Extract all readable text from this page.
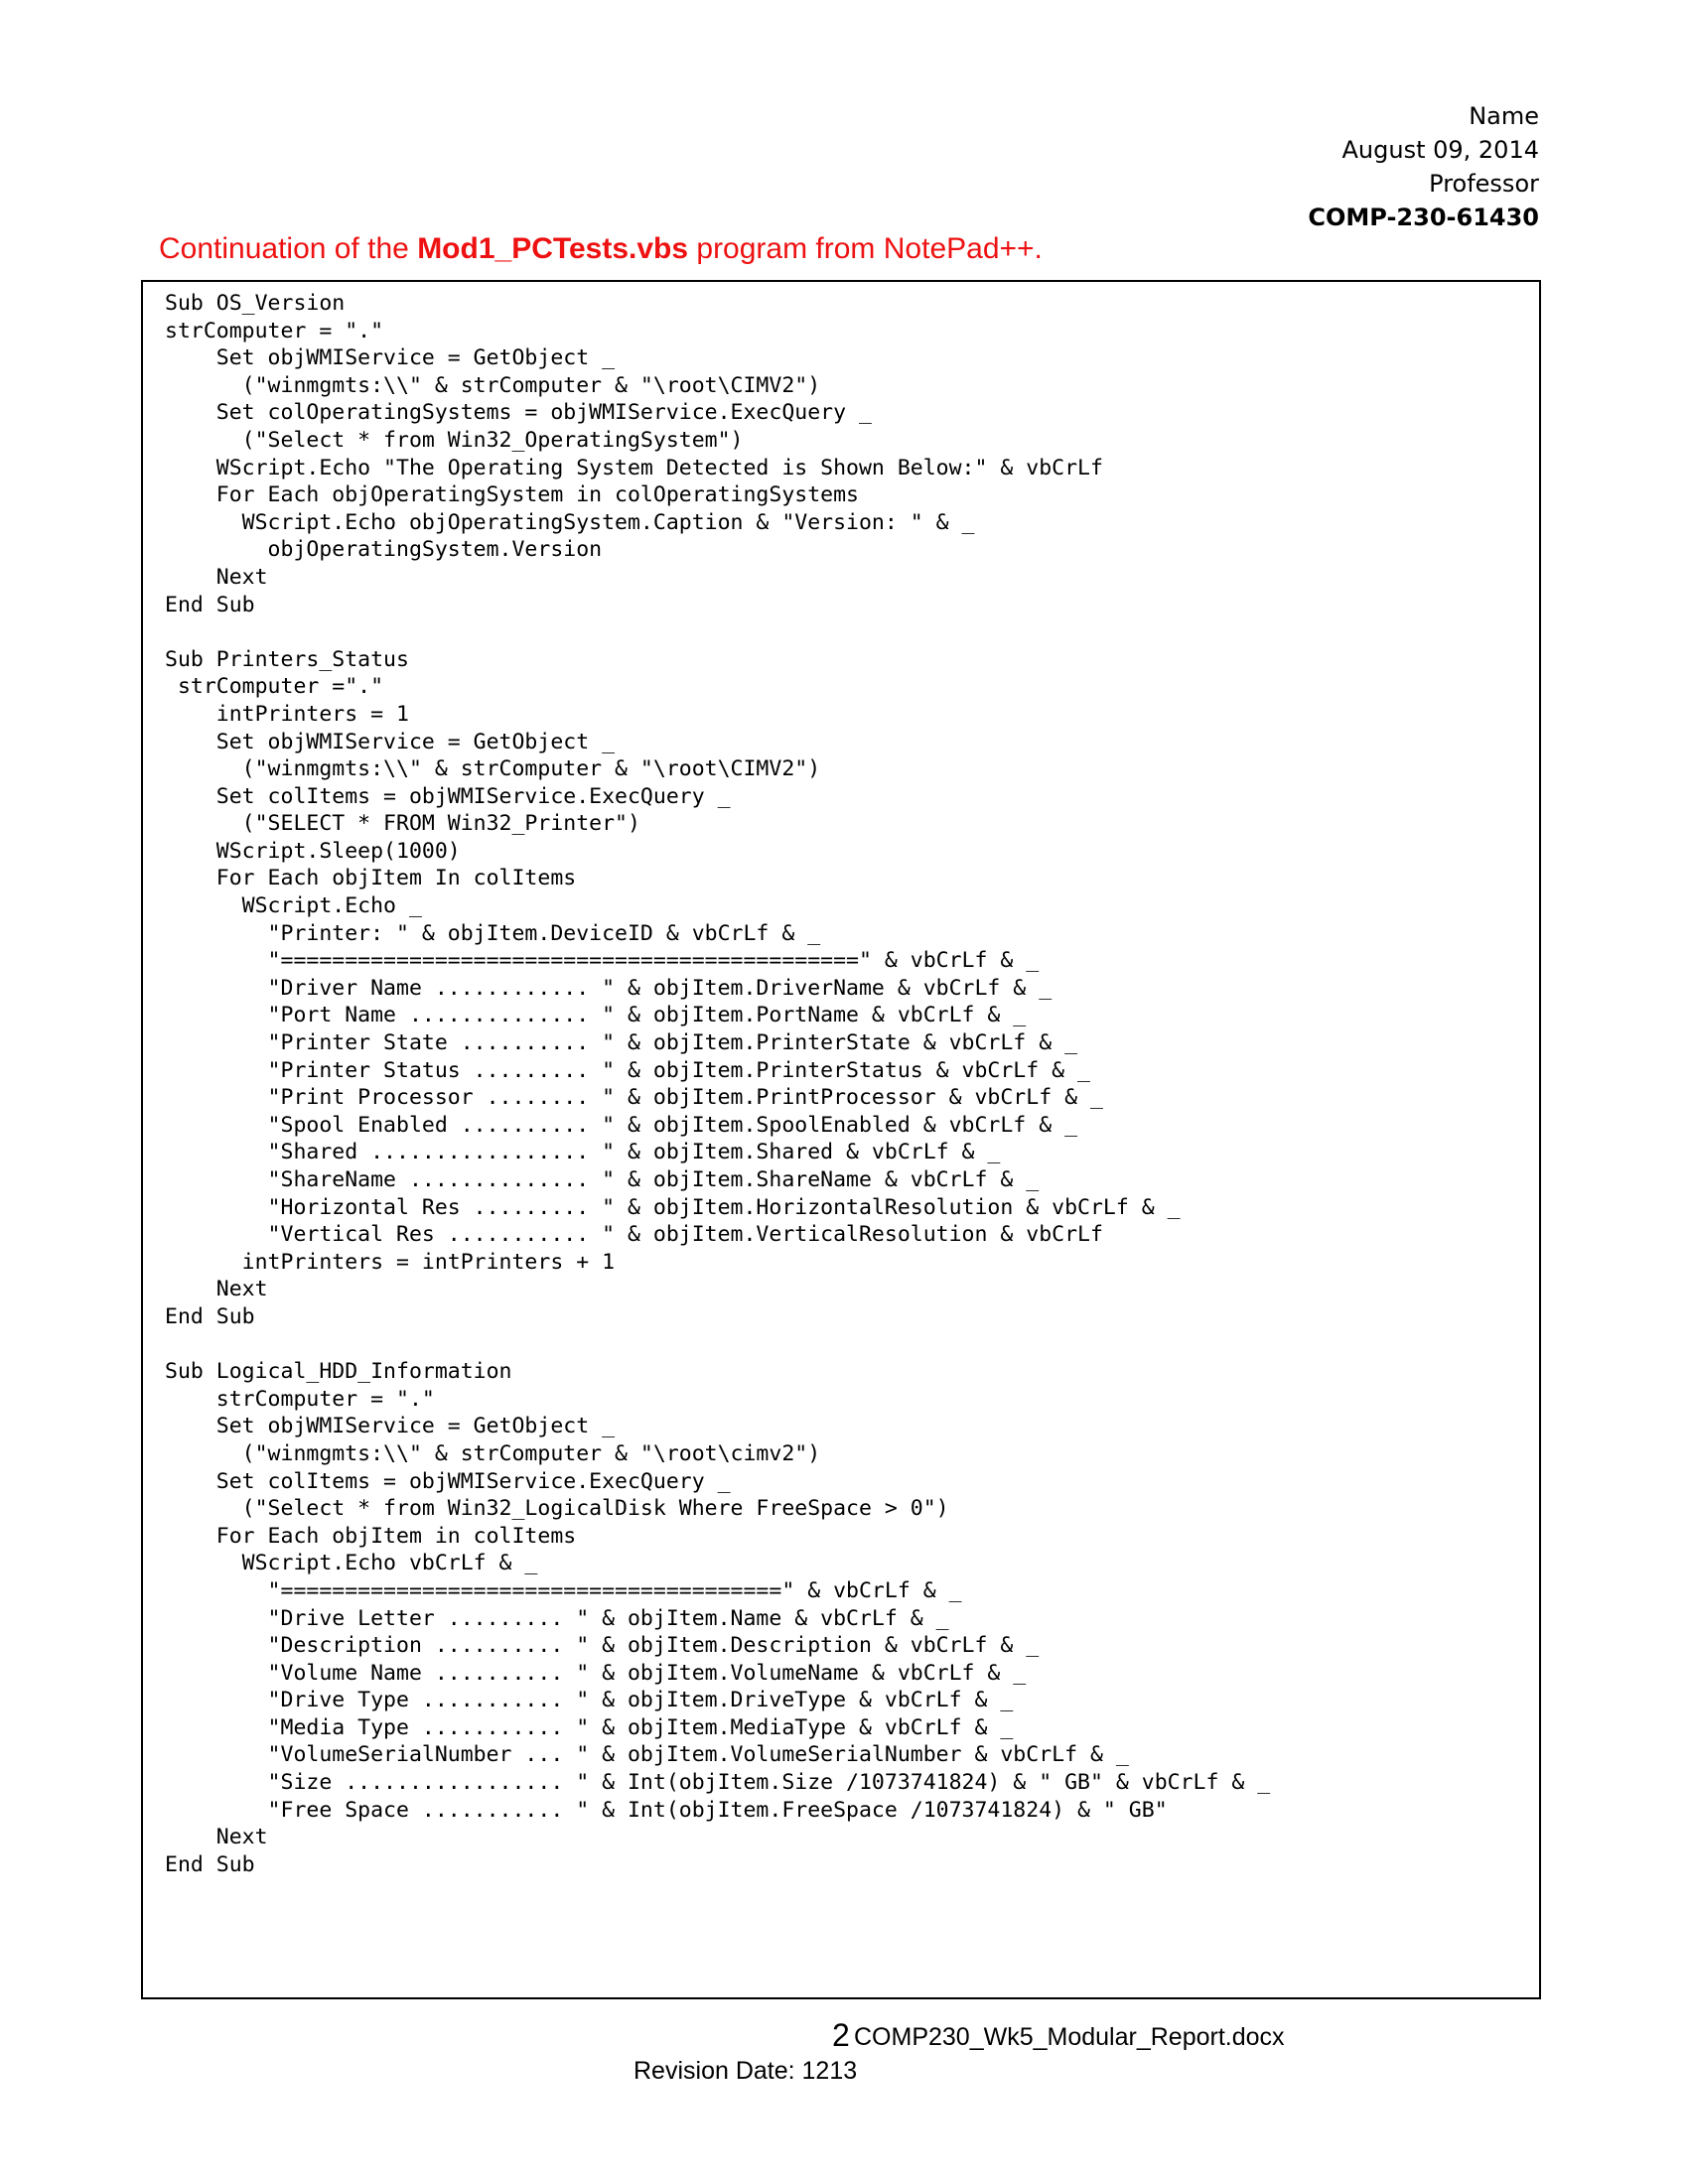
Name
August 09, 2014
Professor
COMP-230-61430
Continuation of the Mod1_PCTests.vbs program from NotePad++.
Sub OS_Version
strComputer = "."
Set objWMIService = GetObject _
("winmgmts:\\" & strComputer & "\root\CIMV2")
Set colOperatingSystems = objWMIService.ExecQuery _
("Select * from Win32_OperatingSystem")
WScript.Echo "The Operating System Detected is Shown Below:" & vbCrLf
For Each objOperatingSystem in colOperatingSystems
WScript.Echo objOperatingSystem.Caption & "Version: " & _
objOperatingSystem.Version
Next
End Sub

Sub Printers_Status
strComputer ="."
intPrinters = 1
Set objWMIService = GetObject _
("winmgmts:\\" & strComputer & "\root\CIMV2")
Set colItems = objWMIService.ExecQuery _
("SELECT * FROM Win32_Printer")
WScript.Sleep(1000)
For Each objItem In colItems
WScript.Echo _
"Printer: " & objItem.DeviceID & vbCrLf & _
"=============================================" & vbCrLf & _
"Driver Name ............ " & objItem.DriverName & vbCrLf & _
"Port Name .............. " & objItem.PortName & vbCrLf & _
"Printer State .......... " & objItem.PrinterState & vbCrLf & _
"Printer Status ......... " & objItem.PrinterStatus & vbCrLf & _
"Print Processor ........ " & objItem.PrintProcessor & vbCrLf & _
"Spool Enabled .......... " & objItem.SpoolEnabled & vbCrLf & _
"Shared ................. " & objItem.Shared & vbCrLf & _
"ShareName .............. " & objItem.ShareName & vbCrLf & _
"Horizontal Res ......... " & objItem.HorizontalResolution & vbCrLf & _
"Vertical Res ........... " & objItem.VerticalResolution & vbCrLf
intPrinters = intPrinters + 1
Next
End Sub

Sub Logical_HDD_Information
strComputer = "."
Set objWMIService = GetObject _
("winmgmts:\\" & strComputer & "\root\cimv2")
Set colItems = objWMIService.ExecQuery _
("Select * from Win32_LogicalDisk Where FreeSpace > 0")
For Each objItem in colItems
WScript.Echo vbCrLf & _
"=======================================" & vbCrLf & _
"Drive Letter ......... " & objItem.Name & vbCrLf & _
"Description .......... " & objItem.Description & vbCrLf & _
"Volume Name .......... " & objItem.VolumeName & vbCrLf & _
"Drive Type ........... " & objItem.DriveType & vbCrLf & _
"Media Type ........... " & objItem.MediaType & vbCrLf & _
"VolumeSerialNumber ... " & objItem.VolumeSerialNumber & vbCrLf & _
"Size ................. " & Int(objItem.Size /1073741824) & " GB" & vbCrLf & _
"Free Space ........... " & Int(objItem.FreeSpace /1073741824) & " GB"
Next
End Sub
2 COMP230_Wk5_Modular_Report.docx
Revision Date: 1213
